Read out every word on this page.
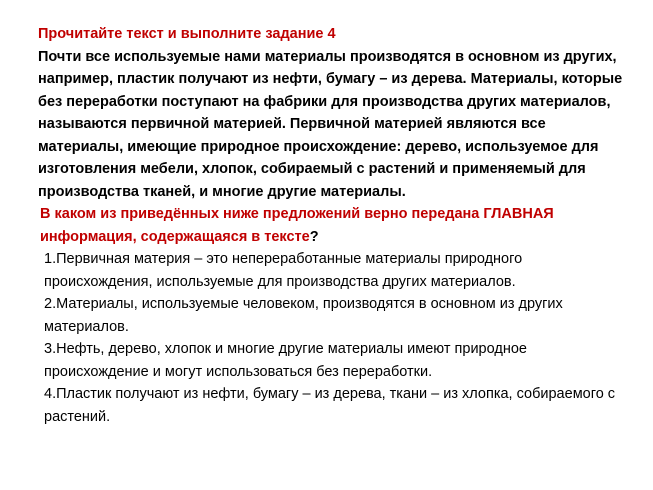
Прочитайте текст и выполните задание 4

Почти все используемые нами материалы производятся в основном из других, например, пластик получают из нефти, бумагу – из дерева. Материалы, которые без переработки поступают на фабрики для производства других материалов, называются первичной материей. Первичной материей являются все материалы, имеющие природное происхождение: дерево, используемое для изготовления мебели, хлопок, собираемый с растений и применяемый для производства тканей, и многие другие материалы.

В каком из приведённых ниже предложений верно передана ГЛАВНАЯ информация, содержащаяся в тексте?

1.Первичная материя – это непереработанные материалы природного происхождения, используемые для производства других материалов.
2.Материалы, используемые человеком, производятся в основном из других материалов.
3.Нефть, дерево, хлопок и многие другие материалы имеют природное происхождение и могут использоваться без переработки.
4.Пластик получают из нефти, бумагу – из дерева, ткани – из хлопка, собираемого с растений.
